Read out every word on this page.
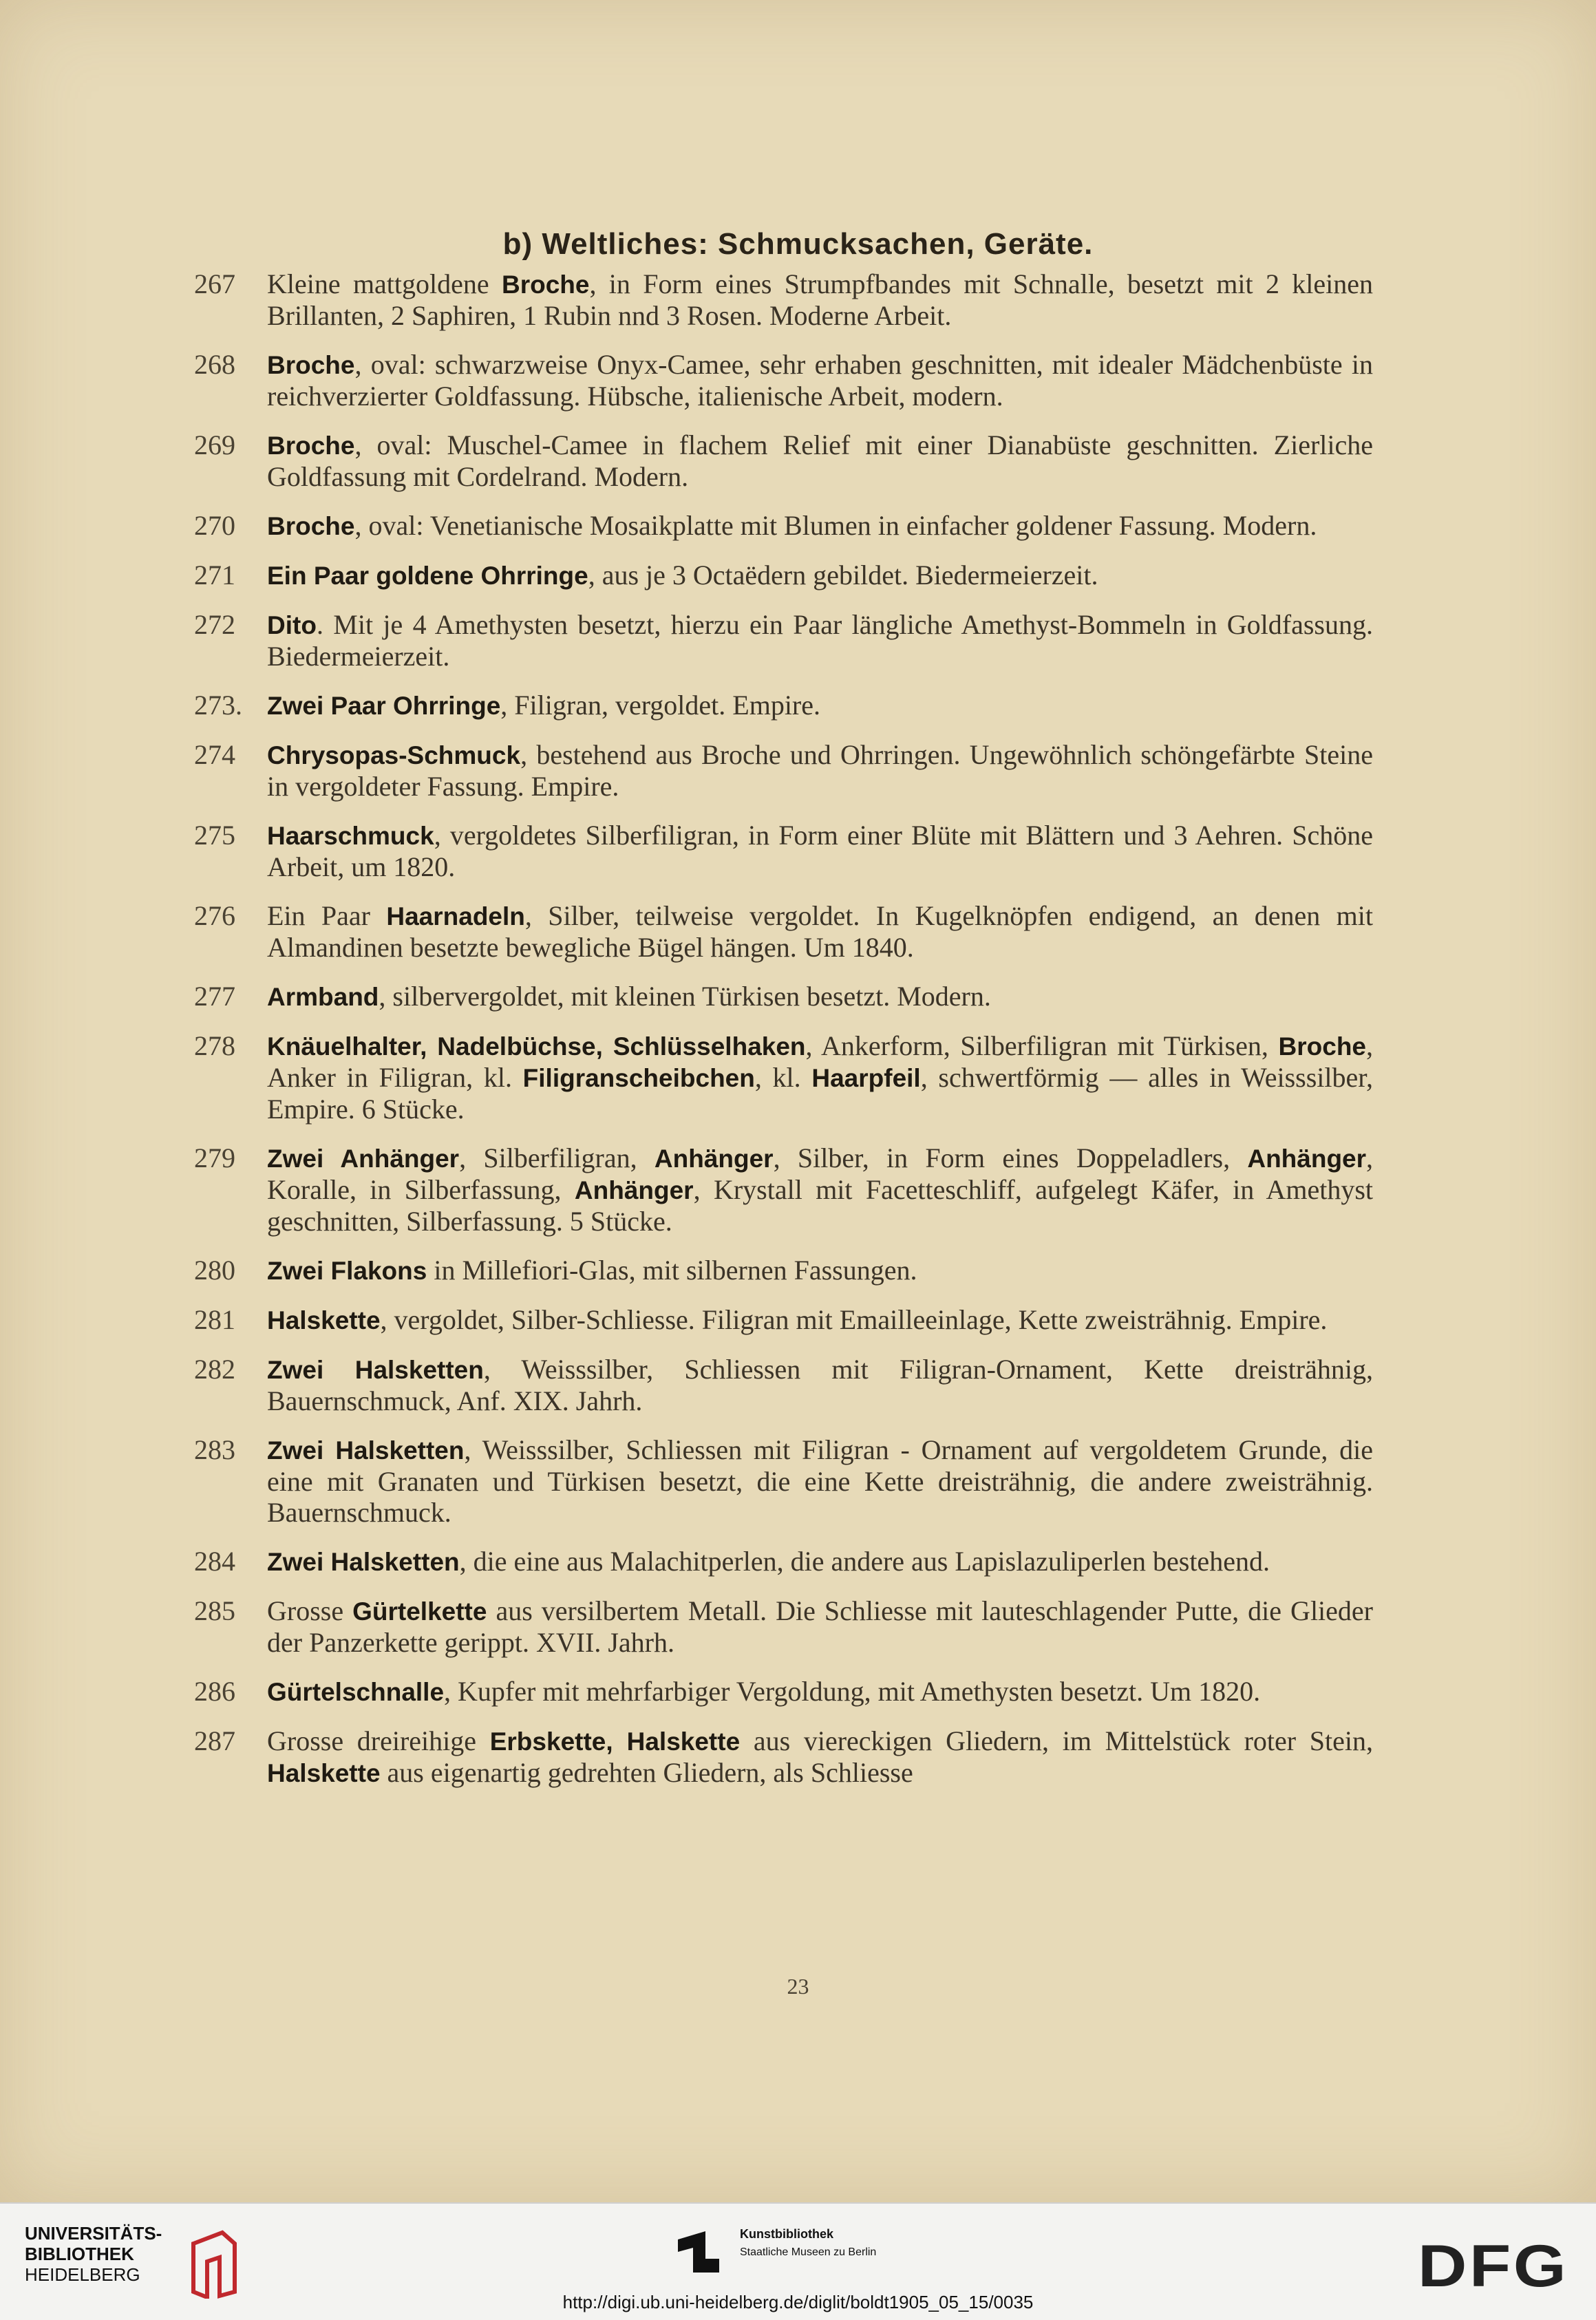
b) Weltliches: Schmucksachen, Geräte.
267	Kleine mattgoldene Broche, in Form eines Strumpfbandes mit Schnalle, besetzt mit 2 kleinen Brillanten, 2 Saphiren, 1 Rubin nnd 3 Rosen. Moderne Arbeit.
268	Broche, oval: schwarzweise Onyx-Camee, sehr erhaben geschnitten, mit idealer Mädchenbüste in reichverzierter Goldfassung. Hübsche, italienische Arbeit, modern.
269	Broche, oval: Muschel-Camee in flachem Relief mit einer Dianabüste geschnitten. Zierliche Goldfassung mit Cordelrand. Modern.
270	Broche, oval: Venetianische Mosaikplatte mit Blumen in einfacher goldener Fassung. Modern.
271	Ein Paar goldene Ohrringe, aus je 3 Octaëdern gebildet. Biedermeierzeit.
272	Dito. Mit je 4 Amethysten besetzt, hierzu ein Paar längliche Amethyst-Bommeln in Goldfassung. Biedermeierzeit.
273. Zwei Paar Ohrringe, Filigran, vergoldet. Empire.
274	Chrysopas-Schmuck, bestehend aus Broche und Ohrringen. Ungewöhnlich schöngefärbte Steine in vergoldeter Fassung. Empire.
275	Haarschmuck, vergoldetes Silberfiligran, in Form einer Blüte mit Blättern und 3 Aehren. Schöne Arbeit, um 1820.
276	Ein Paar Haarnadeln, Silber, teilweise vergoldet. In Kugelknöpfen endigend, an denen mit Almandinen besetzte bewegliche Bügel hängen. Um 1840.
277	Armband, silbervergoldet, mit kleinen Türkisen besetzt. Modern.
278	Knäuelhalter, Nadelbüchse, Schlüsselhaken, Ankerform, Silberfiligran mit Türkisen, Broche, Anker in Filigran, kl. Filigranscheibchen, kl. Haarpfeil, schwertförmig — alles in Weisssilber, Empire. 6 Stücke.
279	Zwei Anhänger, Silberfiligran, Anhänger, Silber, in Form eines Doppeladlers, Anhänger, Koralle, in Silberfassung, Anhänger, Krystall mit Facetteschliff, aufgelegt Käfer, in Amethyst geschnitten, Silberfassung. 5 Stücke.
280	Zwei Flakons in Millefiori-Glas, mit silbernen Fassungen.
281	Halskette, vergoldet, Silber-Schliesse. Filigran mit Emailleeinlage, Kette zweisträhnig. Empire.
282	Zwei Halsketten, Weisssilber, Schliessen mit Filigran-Ornament, Kette dreisträhnig, Bauernschmuck, Anf. XIX. Jahrh.
283	Zwei Halsketten, Weisssilber, Schliessen mit Filigran - Ornament auf vergoldetem Grunde, die eine mit Granaten und Türkisen besetzt, die eine Kette dreisträhnig, die andere zweisträhnig. Bauernschmuck.
284	Zwei Halsketten, die eine aus Malachitperlen, die andere aus Lapislazuliperlen bestehend.
285	Grosse Gürtelkette aus versilbertem Metall. Die Schliesse mit lauteschlagender Putte, die Glieder der Panzerkette gerippt. XVII. Jahrh.
286	Gürtelschnalle, Kupfer mit mehrfarbiger Vergoldung, mit Amethysten besetzt. Um 1820.
287	Grosse dreireihige Erbskette, Halskette aus viereckigen Gliedern, im Mittelstück roter Stein, Halskette aus eigenartig gedrehten Gliedern, als Schliesse
23
UNIVERSITÄTS-
BIBLIOTHEK
HEIDELBERG
Kunstbibliothek
Staatliche Museen zu Berlin	DFG
http://digi.ub.uni-heidelberg.de/diglit/boldt1905_05_15/0035
